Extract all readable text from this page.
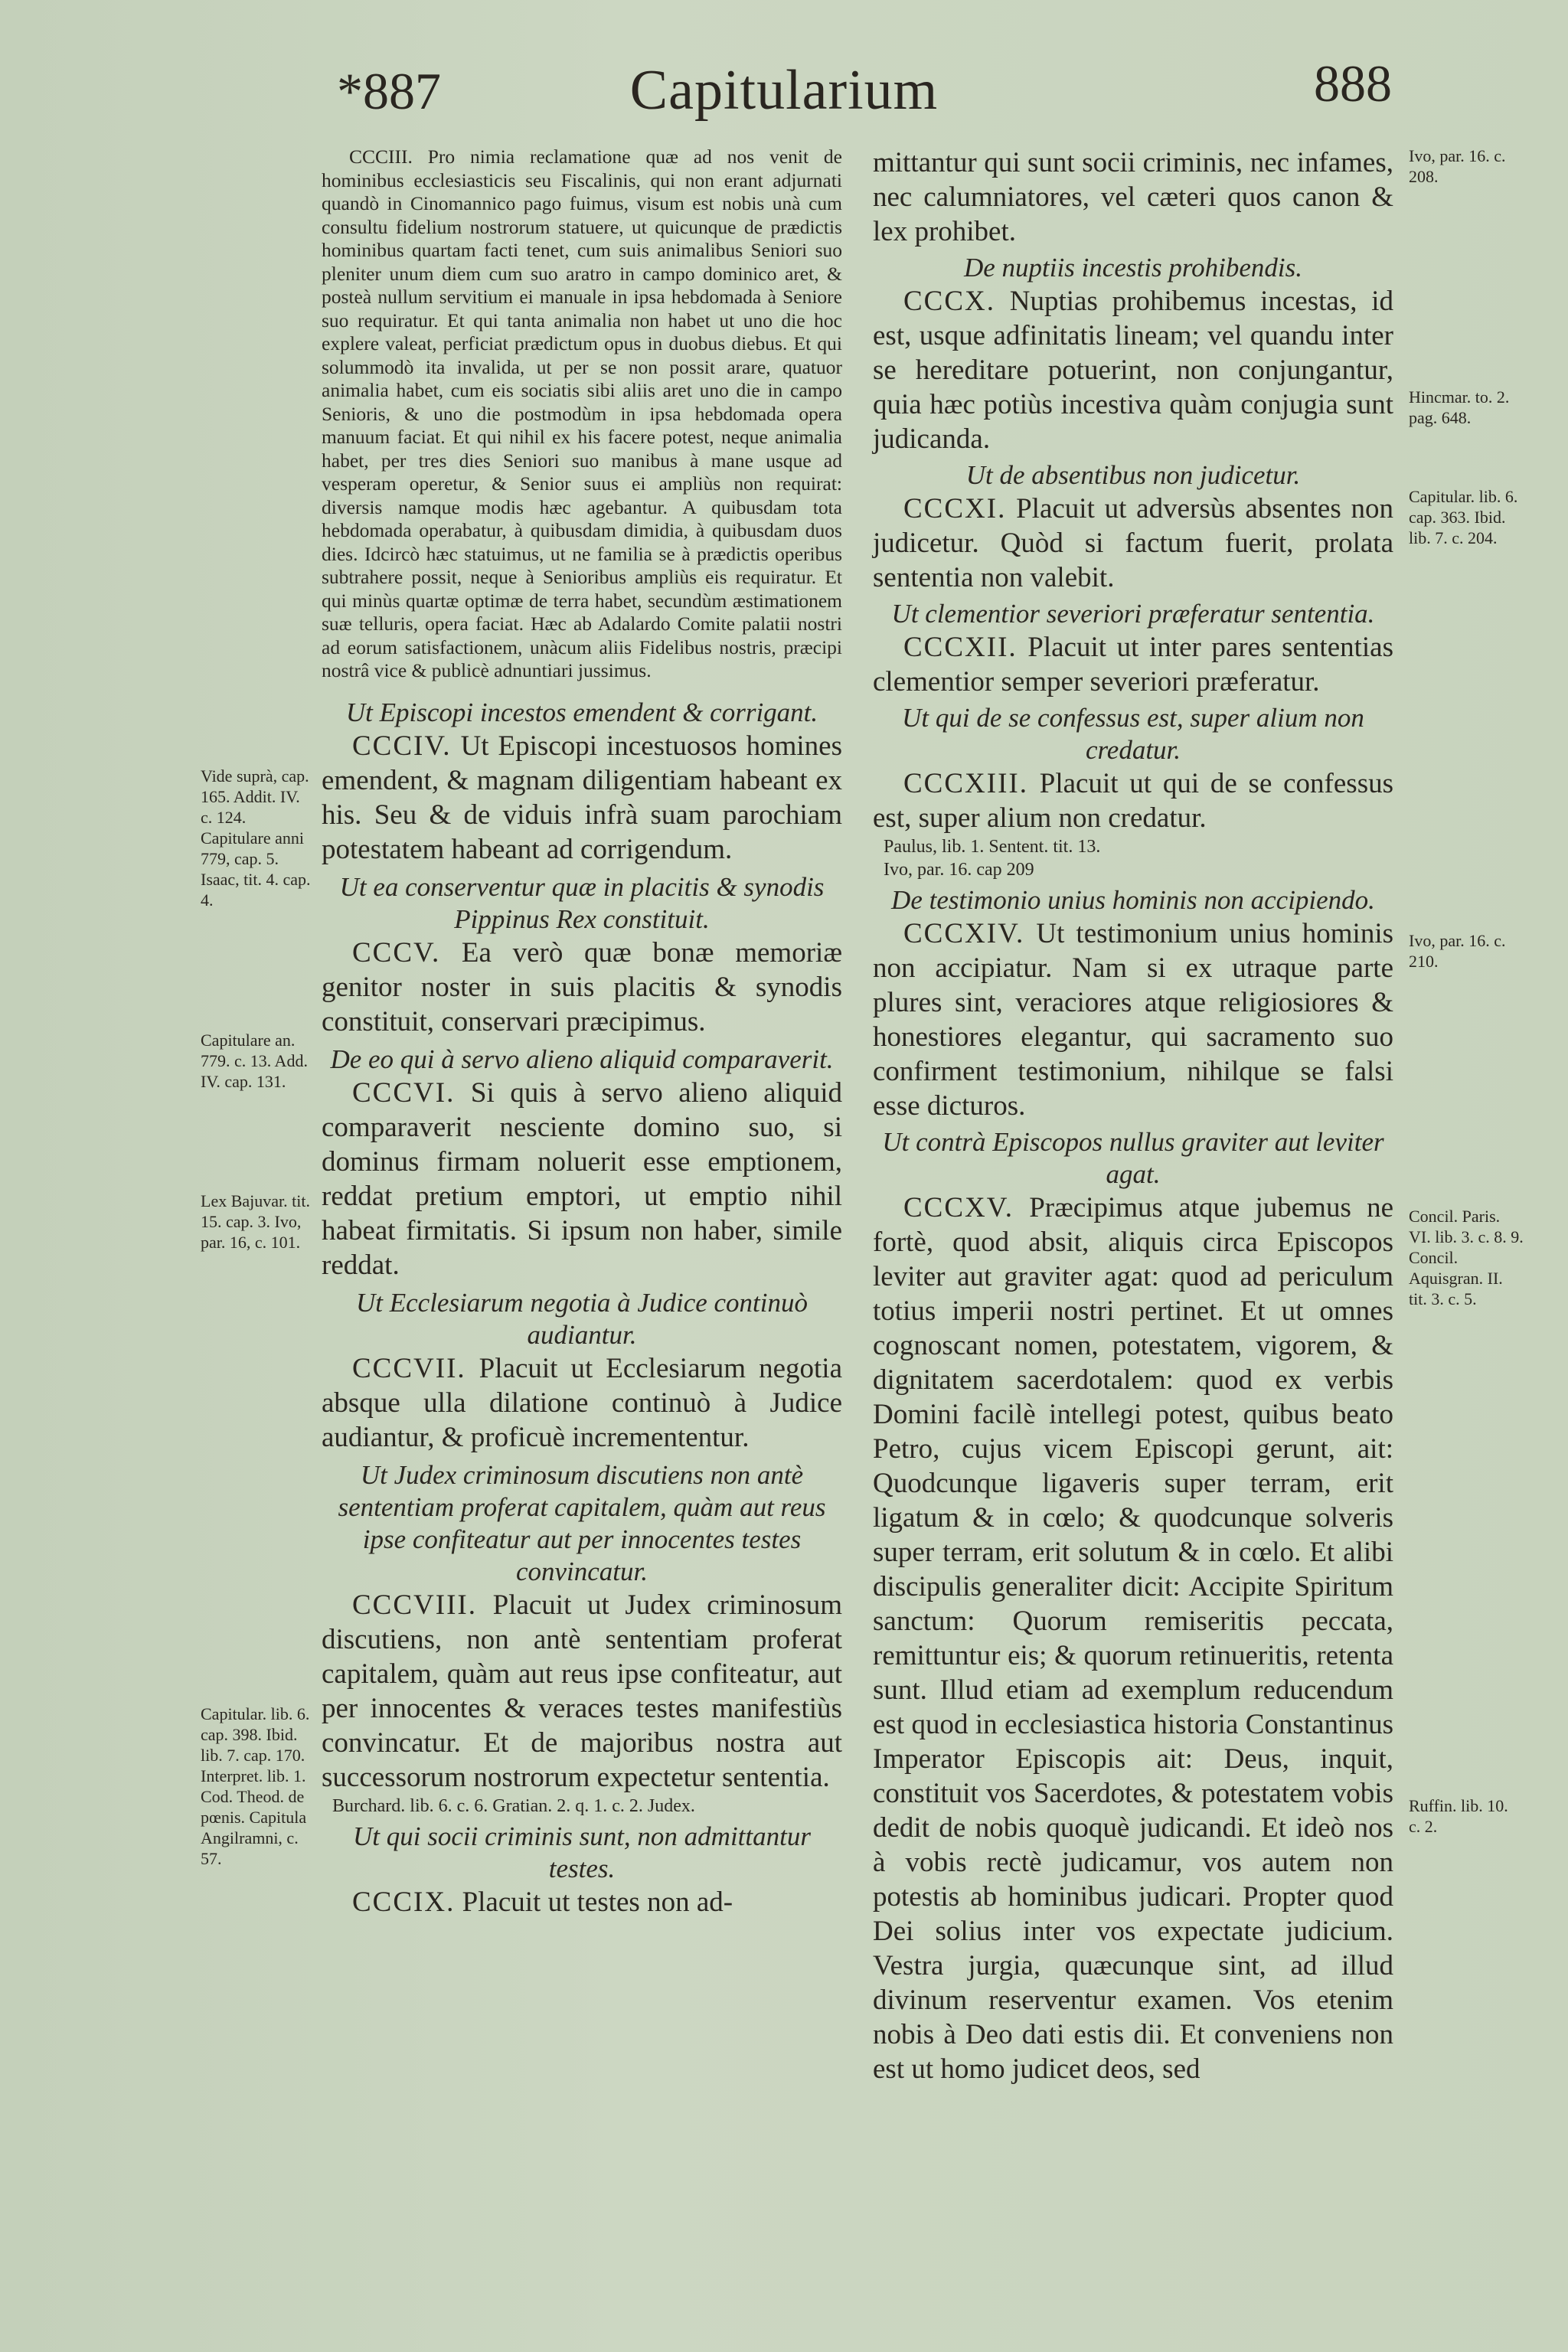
*887	Capitularium	888

CCCIII. Pro nimia reclamatione quæ ad nos venit de hominibus ecclesiasticis seu Fiscalinis, qui non erant adjurnati quandò in Cinomannico pago fuimus, visum est nobis unà cum consultu fidelium nostrorum statuere, ut quicunque de prædictis hominibus quartam facti tenet, cum suis animalibus Seniori suo pleniter unum diem cum suo aratro in campo dominico aret, & posteà nullum servitium ei manuale in ipsa hebdomada à Seniore suo requiratur. Et qui tanta animalia non habet ut uno die hoc explere valeat, perficiat prædictum opus in duobus diebus. Et qui solummodò ita invalida, ut per se non possit arare, quatuor animalia habet, cum eis sociatis sibi aliis aret uno die in campo Senioris, & uno die postmodùm in ipsa hebdomada opera manuum faciat. Et qui nihil ex his facere potest, neque animalia habet, per tres dies Seniori suo manibus à mane usque ad vesperam operetur, & Senior suus ei ampliùs non requirat: diversis namque modis hæc agebantur. A quibusdam tota hebdomada operabatur, à quibusdam dimidia, à quibusdam duos dies. Idcircò hæc statuimus, ut ne familia se à prædictis operibus subtrahere possit, neque à Senioribus ampliùs eis requiratur. Et qui minùs quartæ optimæ de terra habet, secundùm æstimationem suæ telluris, opera faciat. Hæc ab Adalardo Comite palatii nostri ad eorum satisfactionem, unàcum aliis Fidelibus nostris, præcipi nostrâ vice & publicè adnuntiari jussimus.

Ut Episcopi incestos emendent & corrigant.

CCCIV. Ut Episcopi incestuosos homines emendent, & magnam diligentiam habeant ex his. Seu & de viduis infrà suam parochiam potestatem habeant ad corrigendum.

Ut ea conserventur quæ in placitis & synodis Pippinus Rex constituit.

CCCV. Ea verò quæ bonæ memoriæ genitor noster in suis placitis & synodis constituit, conservari præcipimus.

De eo qui à servo alieno aliquid comparaverit.

CCCVI. Si quis à servo alieno aliquid comparaverit nesciente domino suo, si dominus firmam noluerit esse emptionem, reddat pretium emptori, ut emptio nihil habeat firmitatis. Si ipsum non haber, simile reddat.

Ut Ecclesiarum negotia à Judice continuò audiantur.

CCCVII. Placuit ut Ecclesiarum negotia absque ulla dilatione continuò à Judice audiantur, & proficuè incremententur.

Ut Judex criminosum discutiens non antè sententiam proferat capitalem, quàm aut reus ipse confiteatur aut per innocentes testes convincatur.

CCCVIII. Placuit ut Judex criminosum discutiens, non antè sententiam proferat capitalem, quàm aut reus ipse confiteatur, aut per innocentes & veraces testes manifestiùs convincatur. Et de majoribus nostra aut successorum nostrorum expectetur sententia.

Burchard. lib. 6. c. 6. Gratian. 2. q. 1. c. 2. Judex.

Ut qui socii criminis sunt, non admittantur testes.

CCCIX. Placuit ut testes non ad-

mittantur qui sunt socii criminis, nec infames, nec calumniatores, vel cæteri quos canon & lex prohibet.

De nuptiis incestis prohibendis.

CCCX. Nuptias prohibemus incestas, id est, usque adfinitatis lineam; vel quandu inter se hereditare potuerint, non conjungantur, quia hæc potiùs incestiva quàm conjugia sunt judicanda.

Ut de absentibus non judicetur.

CCCXI. Placuit ut adversùs absentes non judicetur. Quòd si factum fuerit, prolata sententia non valebit.

Ut clementior severiori præferatur sententia.

CCCXII. Placuit ut inter pares sententias clementior semper severiori præferatur.

Ut qui de se confessus est, super alium non credatur.

CCCXIII. Placuit ut qui de se confessus est, super alium non credatur.

Paulus, lib. 1. Sentent. tit. 13.

Ivo, par. 16. cap 209

De testimonio unius hominis non accipiendo.

CCCXIV. Ut testimonium unius hominis non accipiatur. Nam si ex utraque parte plures sint, veraciores atque religiosiores & honestiores elegantur, qui sacramento suo confirment testimonium, nihilque se falsi esse dicturos.

Ut contrà Episcopos nullus graviter aut leviter agat.

CCCXV. Præcipimus atque jubemus ne fortè, quod absit, aliquis circa Episcopos leviter aut graviter agat: quod ad periculum totius imperii nostri pertinet. Et ut omnes cognoscant nomen, potestatem, vigorem, & dignitatem sacerdotalem: quod ex verbis Domini facilè intellegi potest, quibus beato Petro, cujus vicem Episcopi gerunt, ait: Quodcunque ligaveris super terram, erit ligatum & in cœlo; & quodcunque solveris super terram, erit solutum & in cœlo. Et alibi discipulis generaliter dicit: Accipite Spiritum sanctum: Quorum remiseritis peccata, remittuntur eis; & quorum retinueritis, retenta sunt. Illud etiam ad exemplum reducendum est quod in ecclesiastica historia Constantinus Imperator Episcopis ait: Deus, inquit, constituit vos Sacerdotes, & potestatem vobis dedit de nobis quoquè judicandi. Et ideò nos à vobis rectè judicamur, vos autem non potestis ab hominibus judicari. Propter quod Dei solius inter vos expectate judicium. Vestra jurgia, quæcunque sint, ad illud divinum reserventur examen. Vos etenim nobis à Deo dati estis dii. Et conveniens non est ut homo judicet deos, sed

Vide suprà, cap. 165. Addit. IV. c. 124. Capitulare anni 779, cap. 5. Isaac, tit. 4. cap. 4.
Capitulare an. 779. c. 13. Add. IV. cap. 131.
Lex Bajuvar. tit. 15. cap. 3. Ivo, par. 16, c. 101.
Capitular. lib. 6. cap. 398. Ibid. lib. 7. cap. 170. Interpret. lib. 1. Cod. Theod. de pœnis. Capitula Angilramni, c. 57.
Ivo, par. 16. c. 208.
Hincmar. to. 2. pag. 648.
Capitular. lib. 6. cap. 363. Ibid. lib. 7. c. 204.
Ivo, par. 16. c. 210.
Concil. Paris. VI. lib. 3. c. 8. 9. Concil. Aquisgran. II. tit. 3. c. 5.
Ruffin. lib. 10. c. 2.
